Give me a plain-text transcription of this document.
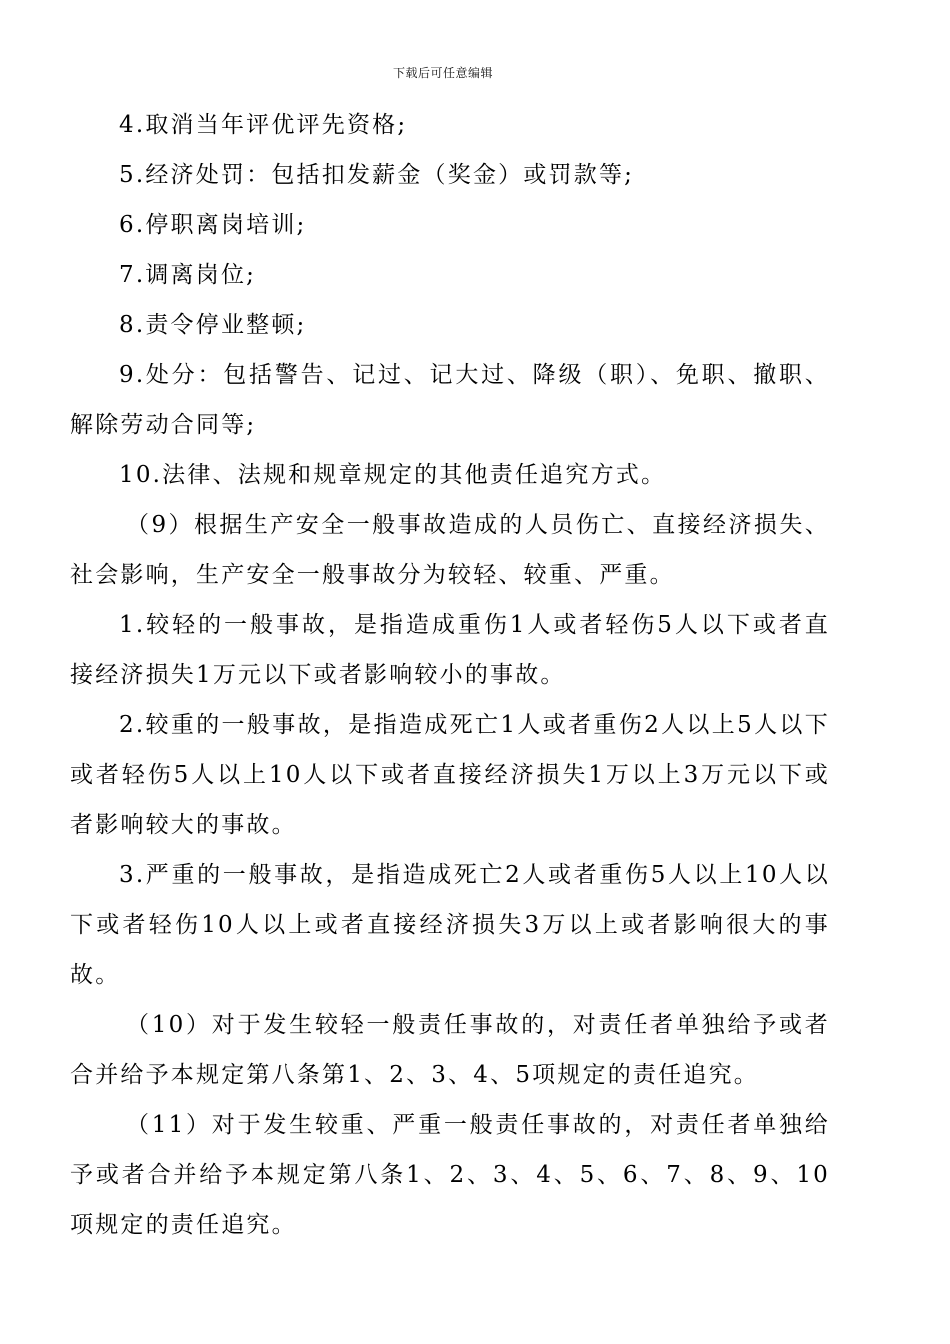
下载后可任意编辑

4.取消当年评优评先资格;

5.经济处罚：包括扣发薪金（奖金）或罚款等;

6.停职离岗培训;

7.调离岗位;

8.责令停业整顿;

9.处分：包括警告、记过、记大过、降级（职）、免职、撤职、解除劳动合同等;

10.法律、法规和规章规定的其他责任追究方式。

（9）根据生产安全一般事故造成的人员伤亡、直接经济损失、社会影响，生产安全一般事故分为较轻、较重、严重。

1.较轻的一般事故，是指造成重伤1人或者轻伤5人以下或者直接经济损失1万元以下或者影响较小的事故。

2.较重的一般事故，是指造成死亡1人或者重伤2人以上5人以下或者轻伤5人以上10人以下或者直接经济损失1万以上3万元以下或者影响较大的事故。

3.严重的一般事故，是指造成死亡2人或者重伤5人以上10人以下或者轻伤10人以上或者直接经济损失3万以上或者影响很大的事故。

（10）对于发生较轻一般责任事故的，对责任者单独给予或者合并给予本规定第八条第1、2、3、4、5项规定的责任追究。

（11）对于发生较重、严重一般责任事故的，对责任者单独给予或者合并给予本规定第八条1、2、3、4、5、6、7、8、9、10项规定的责任追究。
